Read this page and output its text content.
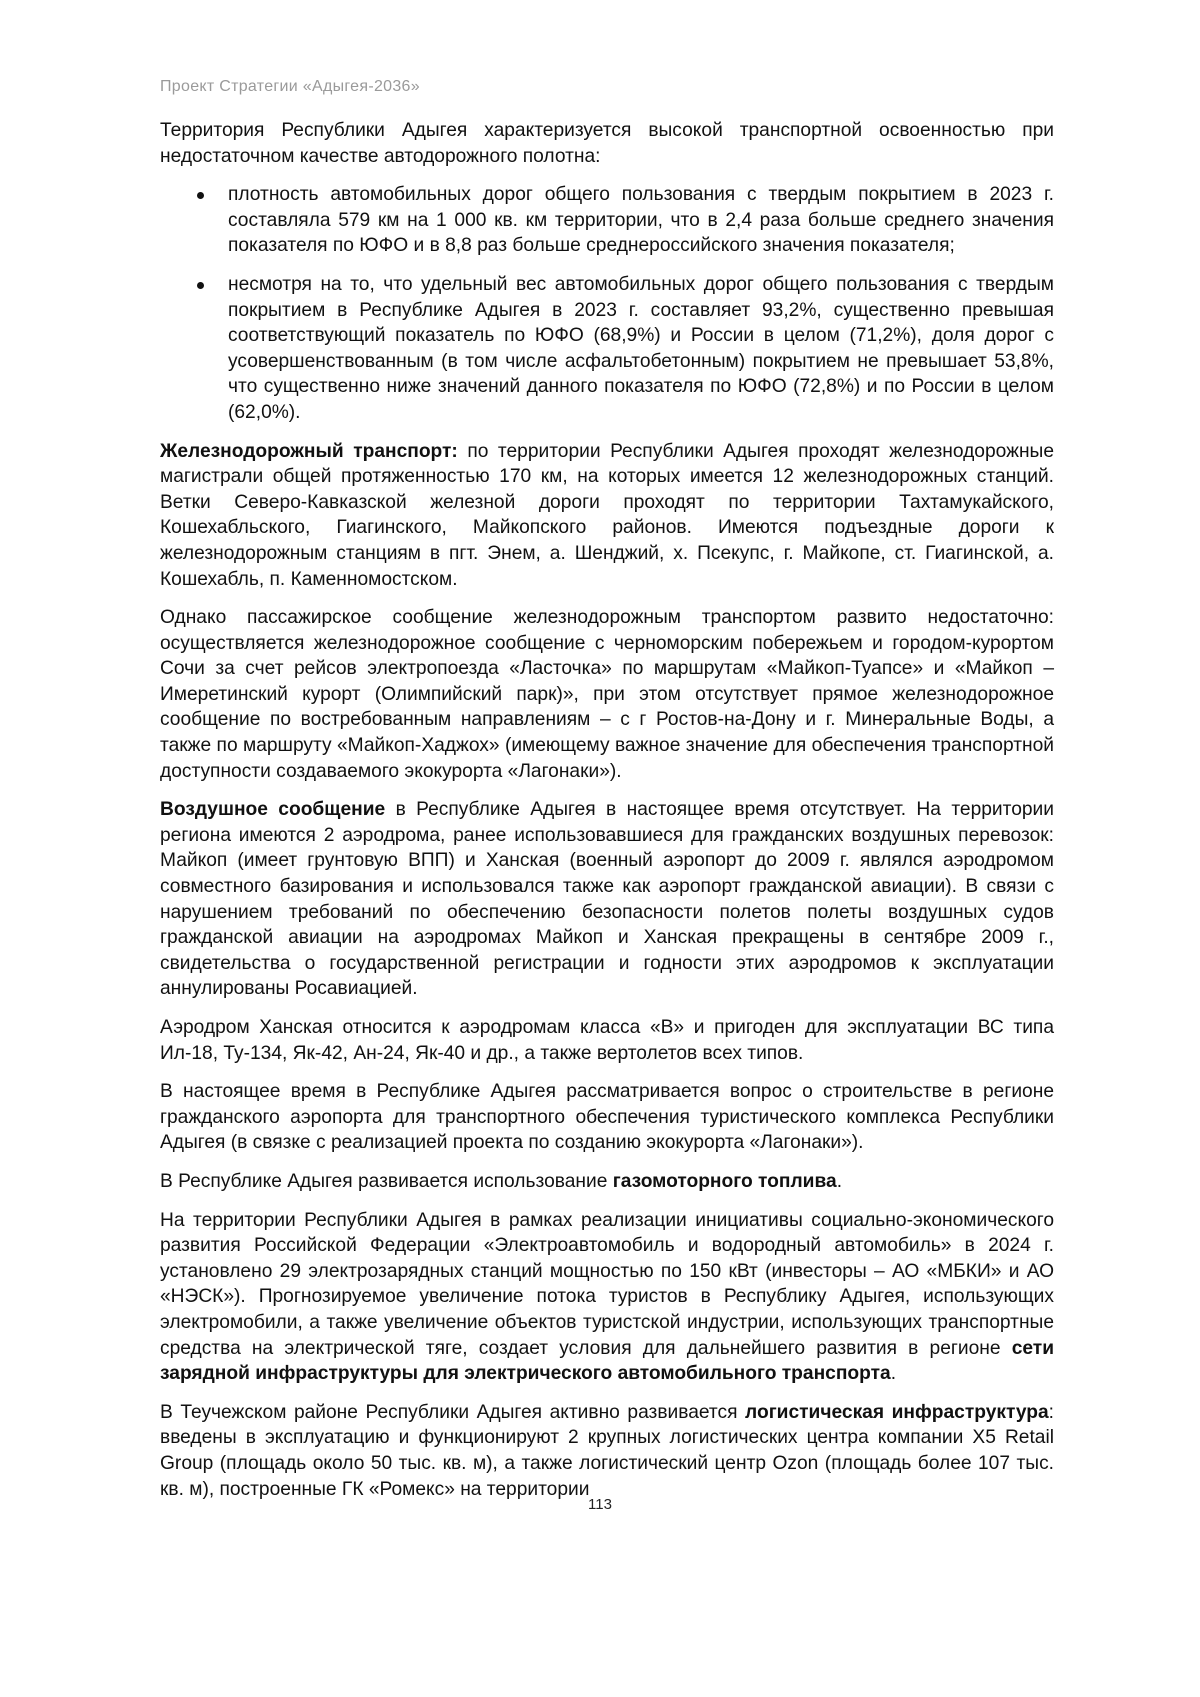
Проект Стратегии «Адыгея-2036»

Территория Республики Адыгея характеризуется высокой транспортной освоенностью при недостаточном качестве автодорожного полотна:

плотность автомобильных дорог общего пользования с твердым покрытием в 2023 г. составляла 579 км на 1 000 кв. км территории, что в 2,4 раза больше среднего значения показателя по ЮФО и в 8,8 раз больше среднероссийского значения показателя;
несмотря на то, что удельный вес автомобильных дорог общего пользования с твердым покрытием в Республике Адыгея в 2023 г. составляет 93,2%, существенно превышая соответствующий показатель по ЮФО (68,9%) и России в целом (71,2%), доля дорог с усовершенствованным (в том числе асфальтобетонным) покрытием не превышает 53,8%, что существенно ниже значений данного показателя по ЮФО (72,8%) и по России в целом (62,0%).

Железнодорожный транспорт: по территории Республики Адыгея проходят железнодорожные магистрали общей протяженностью 170 км, на которых имеется 12 железнодорожных станций. Ветки Северо-Кавказской железной дороги проходят по территории Тахтамукайского, Кошехабльского, Гиагинского, Майкопского районов. Имеются подъездные дороги к железнодорожным станциям в пгт. Энем, а. Шенджий, х. Псекупс, г. Майкопе, ст. Гиагинской, а. Кошехабль, п. Каменномостском.

Однако пассажирское сообщение железнодорожным транспортом развито недостаточно: осуществляется железнодорожное сообщение с черноморским побережьем и городом-курортом Сочи за счет рейсов электропоезда «Ласточка» по маршрутам «Майкоп-Туапсе» и «Майкоп – Имеретинский курорт (Олимпийский парк)», при этом отсутствует прямое железнодорожное сообщение по востребованным направлениям – с г Ростов-на-Дону и г. Минеральные Воды, а также по маршруту «Майкоп-Хаджох» (имеющему важное значение для обеспечения транспортной доступности создаваемого экокурорта «Лагонаки»).

Воздушное сообщение в Республике Адыгея в настоящее время отсутствует. На территории региона имеются 2 аэродрома, ранее использовавшиеся для гражданских воздушных перевозок: Майкоп (имеет грунтовую ВПП) и Ханская (военный аэропорт до 2009 г. являлся аэродромом совместного базирования и использовался также как аэропорт гражданской авиации). В связи с нарушением требований по обеспечению безопасности полетов полеты воздушных судов гражданской авиации на аэродромах Майкоп и Ханская прекращены в сентябре 2009 г., свидетельства о государственной регистрации и годности этих аэродромов к эксплуатации аннулированы Росавиацией.

Аэродром Ханская относится к аэродромам класса «В» и пригоден для эксплуатации ВС типа Ил-18, Ту-134, Як-42, Ан-24, Як-40 и др., а также вертолетов всех типов.

В настоящее время в Республике Адыгея рассматривается вопрос о строительстве в регионе гражданского аэропорта для транспортного обеспечения туристического комплекса Республики Адыгея (в связке с реализацией проекта по созданию экокурорта «Лагонаки»).

В Республике Адыгея развивается использование газомоторного топлива.

На территории Республики Адыгея в рамках реализации инициативы социально-экономического развития Российской Федерации «Электроавтомобиль и водородный автомобиль» в 2024 г. установлено 29 электрозарядных станций мощностью по 150 кВт (инвесторы – АО «МБКИ» и АО «НЭСК»). Прогнозируемое увеличение потока туристов в Республику Адыгея, использующих электромобили, а также увеличение объектов туристской индустрии, использующих транспортные средства на электрической тяге, создает условия для дальнейшего развития в регионе сети зарядной инфраструктуры для электрического автомобильного транспорта.

В Теучежском районе Республики Адыгея активно развивается логистическая инфраструктура: введены в эксплуатацию и функционируют 2 крупных логистических центра компании X5 Retail Group (площадь около 50 тыс. кв. м), а также логистический центр Ozon (площадь более 107 тыс. кв. м), построенные ГК «Ромекс» на территории

113
